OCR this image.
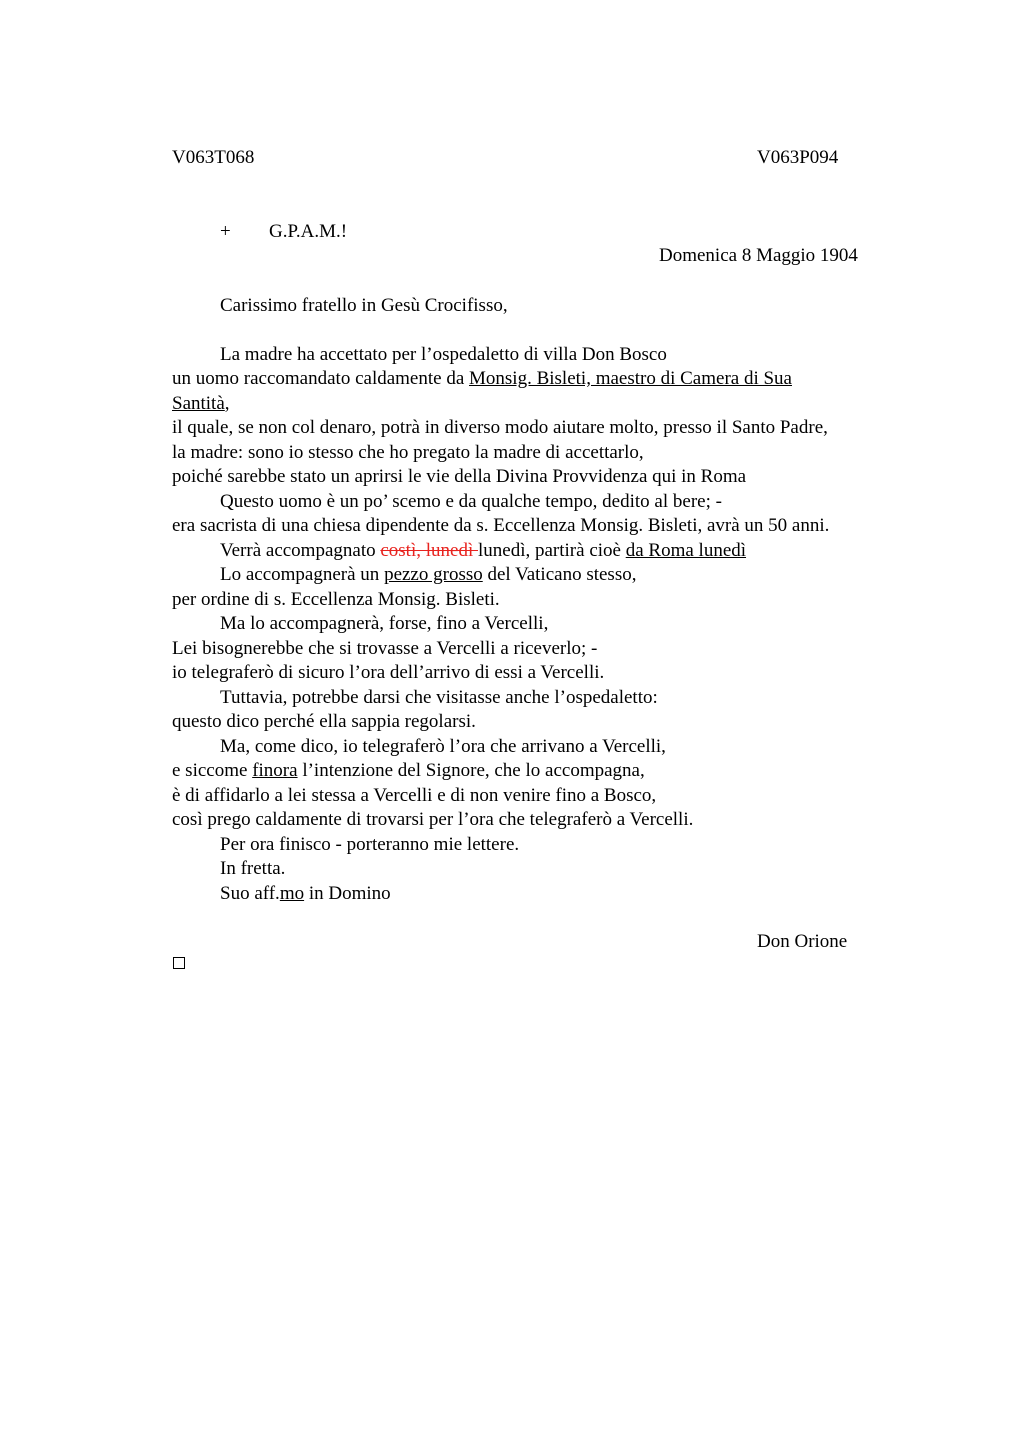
V063T068	V063P094
+ G.P.A.M.!
Domenica 8 Maggio 1904
Carissimo fratello in Gesù Crocifisso,
La madre ha accettato per l’ospedaletto di villa Don Bosco
un uomo raccomandato caldamente da Monsig. Bisleti, maestro di Camera di Sua
Santità,
il quale, se non col denaro, potrà in diverso modo aiutare molto, presso il Santo Padre,
la madre: sono io stesso che ho pregato la madre di accettarlo,
poiché sarebbe stato un aprirsi le vie della Divina Provvidenza qui in Roma
Questo uomo è un po’ scemo e da qualche tempo, dedito al bere; -
era sacrista di una chiesa dipendente da s. Eccellenza Monsig. Bisleti, avrà un 50 anni.
Verrà accompagnato costì, lunedì lunedì, partirà cioè da Roma lunedì
Lo accompagnerà un pezzo grosso del Vaticano stesso,
per ordine di s. Eccellenza Monsig. Bisleti.
Ma lo accompagnerà, forse, fino a Vercelli,
Lei bisognerebbe che si trovasse a Vercelli a riceverlo; -
io telegraferò di sicuro l’ora dell’arrivo di essi a Vercelli.
Tuttavia, potrebbe darsi che visitasse anche l’ospedaletto:
questo dico perché ella sappia regolarsi.
Ma, come dico, io telegraferò l’ora che arrivano a Vercelli,
e siccome finora l’intenzione del Signore, che lo accompagna,
è di affidarlo a lei stessa a Vercelli e di non venire fino a Bosco,
così prego caldamente di trovarsi per l’ora che telegraferò a Vercelli.
Per ora finisco - porteranno mie lettere.
In fretta.
Suo aff.mo in Domino
Don Orione
